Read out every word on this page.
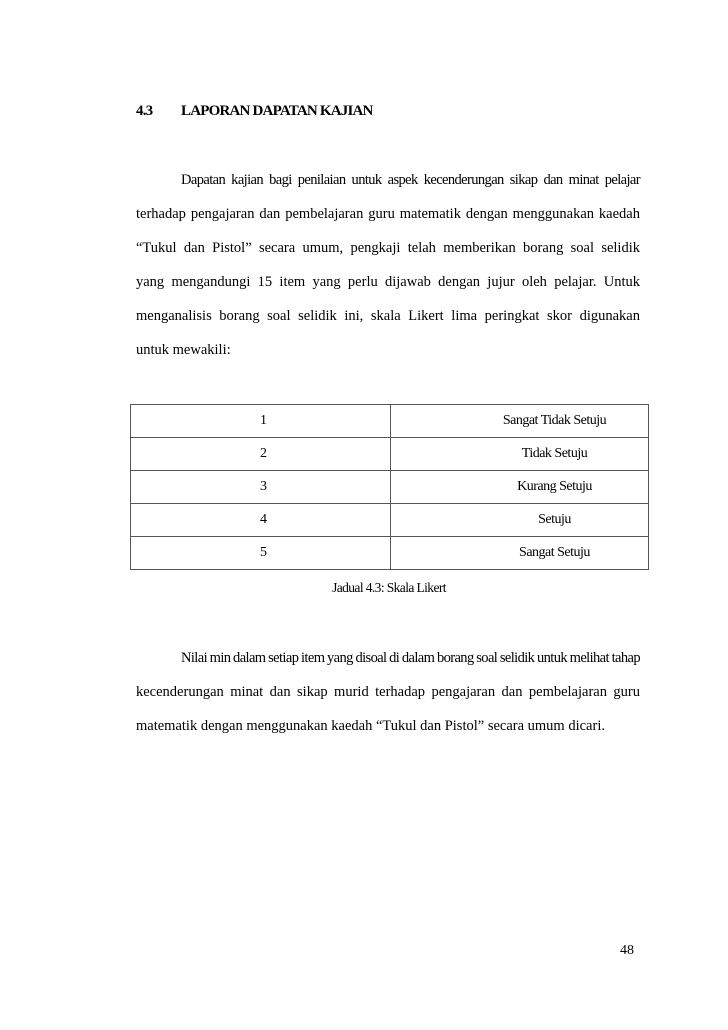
4.3 LAPORAN DAPATAN KAJIAN
Dapatan kajian bagi penilaian untuk aspek kecenderungan sikap dan minat pelajar
terhadap pengajaran dan pembelajaran guru matematik dengan menggunakan kaedah
“Tukul dan Pistol” secara umum, pengkaji telah memberikan borang soal selidik
yang mengandungi 15 item yang perlu dijawab dengan jujur oleh pelajar. Untuk
menganalisis borang soal selidik ini, skala Likert lima peringkat skor digunakan
untuk mewakili:
1	Sangat Tidak Setuju
2	Tidak Setuju
3	Kurang Setuju
4	Setuju
5	Sangat Setuju
Jadual 4.3: Skala Likert
Nilai min dalam setiap item yang disoal di dalam borang soal selidik untuk melihat tahap
kecenderungan minat dan sikap murid terhadap pengajaran dan pembelajaran guru
matematik dengan menggunakan kaedah “Tukul dan Pistol” secara umum dicari.
48
